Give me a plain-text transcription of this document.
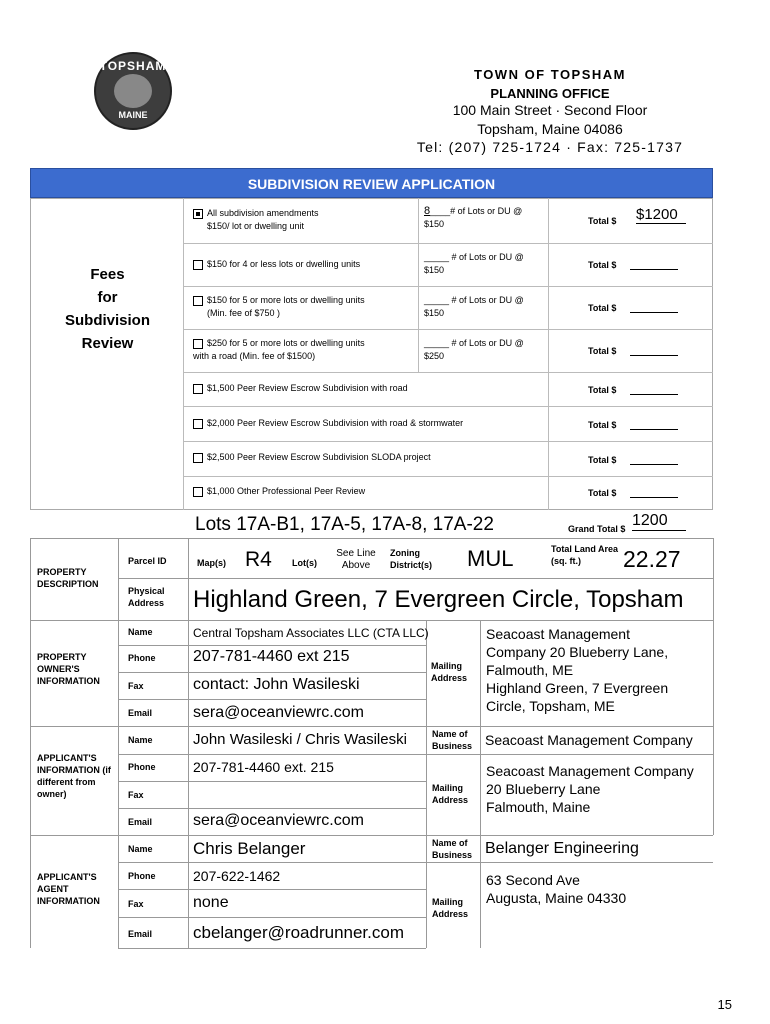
TOPSHAM
MAINE
TOWN OF TOPSHAM
PLANNING OFFICE
100 Main Street · Second Floor
Topsham, Maine 04086
Tel: (207) 725-1724 · Fax: 725-1737
SUBDIVISION REVIEW APPLICATION
Fees
for
Subdivision
Review
All subdivision amendments
$150/ lot or dwelling unit
8____# of Lots or DU @
$150	Total $ $1200
$150 for 4 or less lots or dwelling units
_____ # of Lots or DU @
$150	Total $
$150 for 5 or more lots or dwelling units
(Min. fee of $750 )
_____ # of Lots or DU @
$150	Total $
$250 for 5 or more lots or dwelling units
with a road (Min. fee of $1500)
_____ # of Lots or DU @
$250	Total $
$1,500 Peer Review Escrow Subdivision with road	Total $
$2,000 Peer Review Escrow Subdivision with road & stormwater	Total $
$2,500 Peer Review Escrow Subdivision SLODA project	Total $
$1,000 Other Professional Peer Review	Total $
Lots 17A-B1, 17A-5, 17A-8, 17A-22	Grand Total $ 1200
PROPERTY DESCRIPTION
Parcel ID	Map(s) R4 Lot(s)
See Line Above
Zoning District(s)	MUL	Total Land Area (sq. ft.)	22.27
Physical Address	Highland Green, 7 Evergreen Circle, Topsham
PROPERTY OWNER'S INFORMATION
Name	Central Topsham Associates LLC (CTA LLC)
Phone 207-781-4460 ext 215
Fax	contact: John Wasileski
Email	sera@oceanviewrc.com
Mailing Address
Seacoast Management
Company 20 Blueberry Lane,
Falmouth, ME
Highland Green, 7 Evergreen
Circle, Topsham, ME
APPLICANT'S INFORMATION (if different from owner)
Name	John Wasileski / Chris Wasileski	Name of Business Seacoast Management Company
Phone	207-781-4460 ext. 215
Fax
Email	sera@oceanviewrc.com
Mailing Address
Seacoast Management Company
20 Blueberry Lane
Falmouth, Maine
APPLICANT'S AGENT INFORMATION
Name Chris Belanger	Name of Business Belanger Engineering
Phone	207-622-1462
Fax	none
Email cbelanger@roadrunner.com
Mailing Address
63 Second Ave
Augusta, Maine 04330
15
